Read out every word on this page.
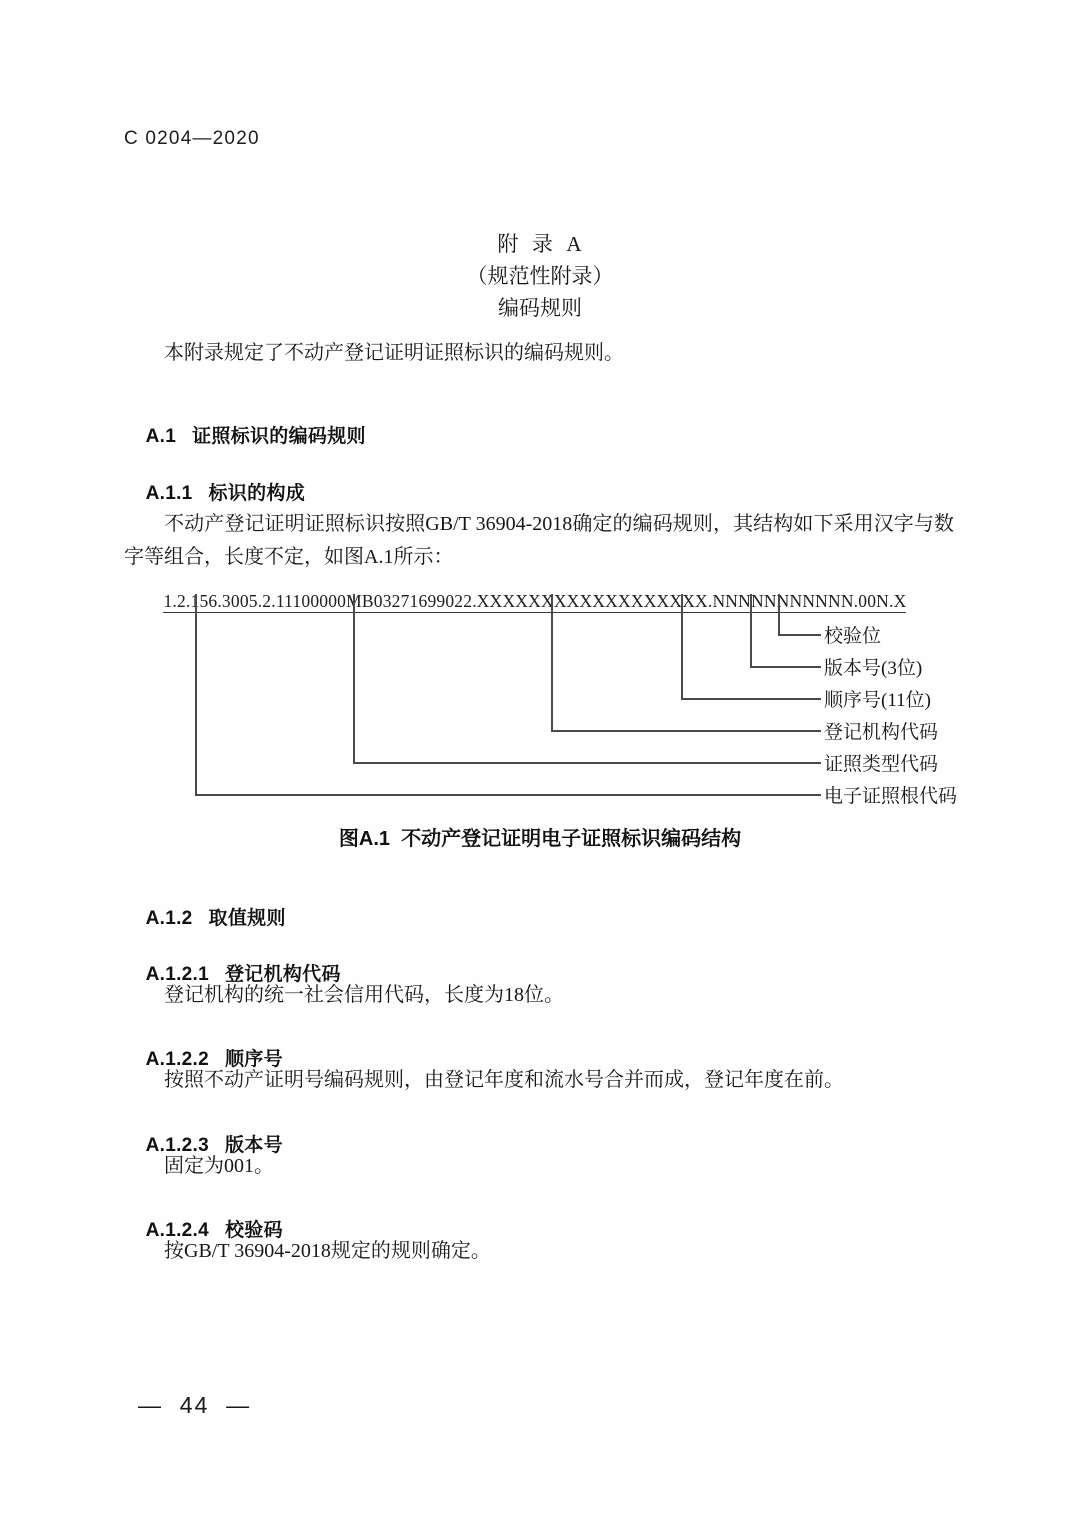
C 0204—2020
附  录  A
（规范性附录）
编码规则
本附录规定了不动产登记证明证照标识的编码规则。

A.1 证照标识的编码规则

A.1.1 标识的构成

不动产登记证明证照标识按照GB/T 36904-2018确定的编码规则，其结构如下采用汉字与数字等组合，长度不定，如图A.1所示：

1.2.156.3005.2.11100000MB03271699022.XXXXXXXXXXXXXXXXXX.NNNNNNNNNNN.00N.X

校验位
版本号(3位)
顺序号(11位)
登记机构代码
证照类型代码
电子证照根代码
图A.1  不动产登记证明电子证照标识编码结构

A.1.2 取值规则

A.1.2.1 登记机构代码

登记机构的统一社会信用代码，长度为18位。

A.1.2.2 顺序号

按照不动产证明号编码规则，由登记年度和流水号合并而成，登记年度在前。

A.1.2.3 版本号

固定为001。

A.1.2.4 校验码

按GB/T 36904-2018规定的规则确定。
—  44  —
